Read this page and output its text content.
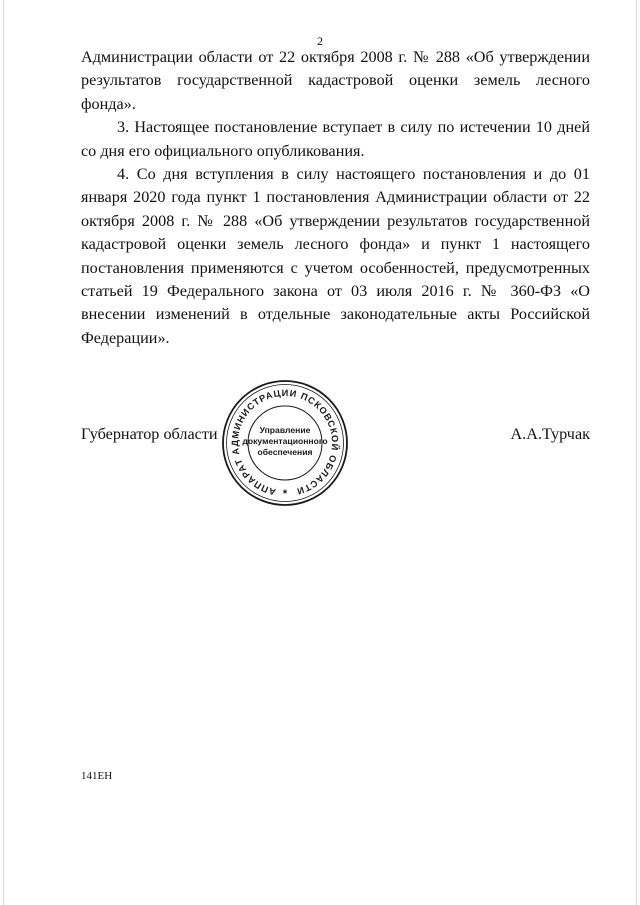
2

Администрации области от 22 октября 2008 г. № 288 «Об утверждении результатов государственной кадастровой оценки земель лесного фонда».

3. Настоящее постановление вступает в силу по истечении 10 дней со дня его официального опубликования.

4. Со дня вступления в силу настоящего постановления и до 01 января 2020 года пункт 1 постановления Администрации области от 22 октября 2008 г. № 288 «Об утверждении результатов государственной кадастровой оценки земель лесного фонда» и пункт 1 настоящего постановления применяются с учетом особенностей, предусмотренных статьей 19 Федерального закона от 03 июля 2016 г. № 360-ФЗ «О внесении изменений в отдельные законодательные акты Российской Федерации».

Губернатор области	А.А.Турчак
АППАРАТ АДМИНИСТРАЦИИ ПСКОВСКОЙ ОБЛАСТИ
Управление
документационного
обеспечения
*
141ЕН
